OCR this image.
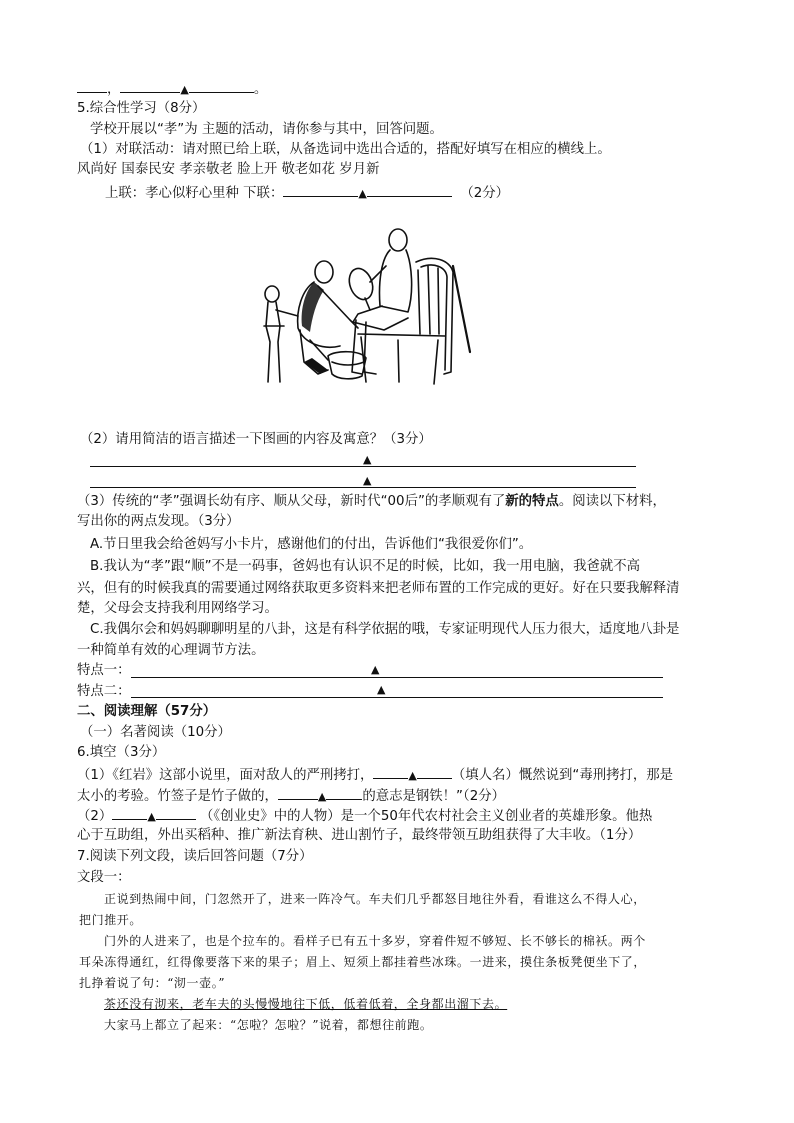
，	▲	。
5.综合性学习（8分）
学校开展以“孝”为 主题的活动，请你参与其中，回答问题。
（1）对联活动：请对照已给上联，从备选词中选出合适的，搭配好填写在相应的横线上。
风尚好 国泰民安 孝亲敬老 脸上开 敬老如花 岁月新
上联：孝心似籽心里种 下联：	▲	（2分）
（2）请用简洁的语言描述一下图画的内容及寓意？（3分）
▲
▲
（3）传统的“孝”强调长幼有序、顺从父母，新时代“00后”的孝顺观有了新的特点。阅读以下材料，
写出你的两点发现。（3分）
A.节日里我会给爸妈写小卡片，感谢他们的付出，告诉他们“我很爱你们”。
B.我认为“孝”跟“顺”不是一码事，爸妈也有认识不足的时候，比如，我一用电脑，我爸就不高
兴，但有的时候我真的需要通过网络获取更多资料来把老师布置的工作完成的更好。好在只要我解释清
楚，父母会支持我利用网络学习。
C.我偶尔会和妈妈聊聊明星的八卦，这是有科学依据的哦，专家证明现代人压力很大，适度地八卦是
一种简单有效的心理调节方法。
特点一：	▲
特点二：	▲
二、阅读理解（57分）
（一）名著阅读（10分）
6.填空（3分）
（1）《红岩》这部小说里，面对敌人的严刑拷打，	▲	（填人名）慨然说到“毒刑拷打，那是
太小的考验。竹签子是竹子做的，	▲	的意志是钢铁！”（2分）
（2）	▲	（《创业史》中的人物）是一个50年代农村社会主义创业者的英雄形象。他热
心于互助组，外出买稻种、推广新法育秧、进山割竹子，最终带领互助组获得了大丰收。（1分）
7.阅读下列文段，读后回答问题（7分）
文段一：
正说到热闹中间，门忽然开了，进来一阵冷气。车夫们几乎都怒目地往外看，看谁这么不得人心，
把门推开。
门外的人进来了，也是个拉车的。看样子已有五十多岁，穿着件短不够短、长不够长的棉袄。两个
耳朵冻得通红，红得像要落下来的果子；眉上、短须上都挂着些冰珠。一进来，摸住条板凳便坐下了，
扎挣着说了句：“沏一壶。”
茶还没有沏来，老车夫的头慢慢地往下低，低着低着，全身都出溜下去。
大家马上都立了起来：“怎啦？怎啦？”说着，都想往前跑。
